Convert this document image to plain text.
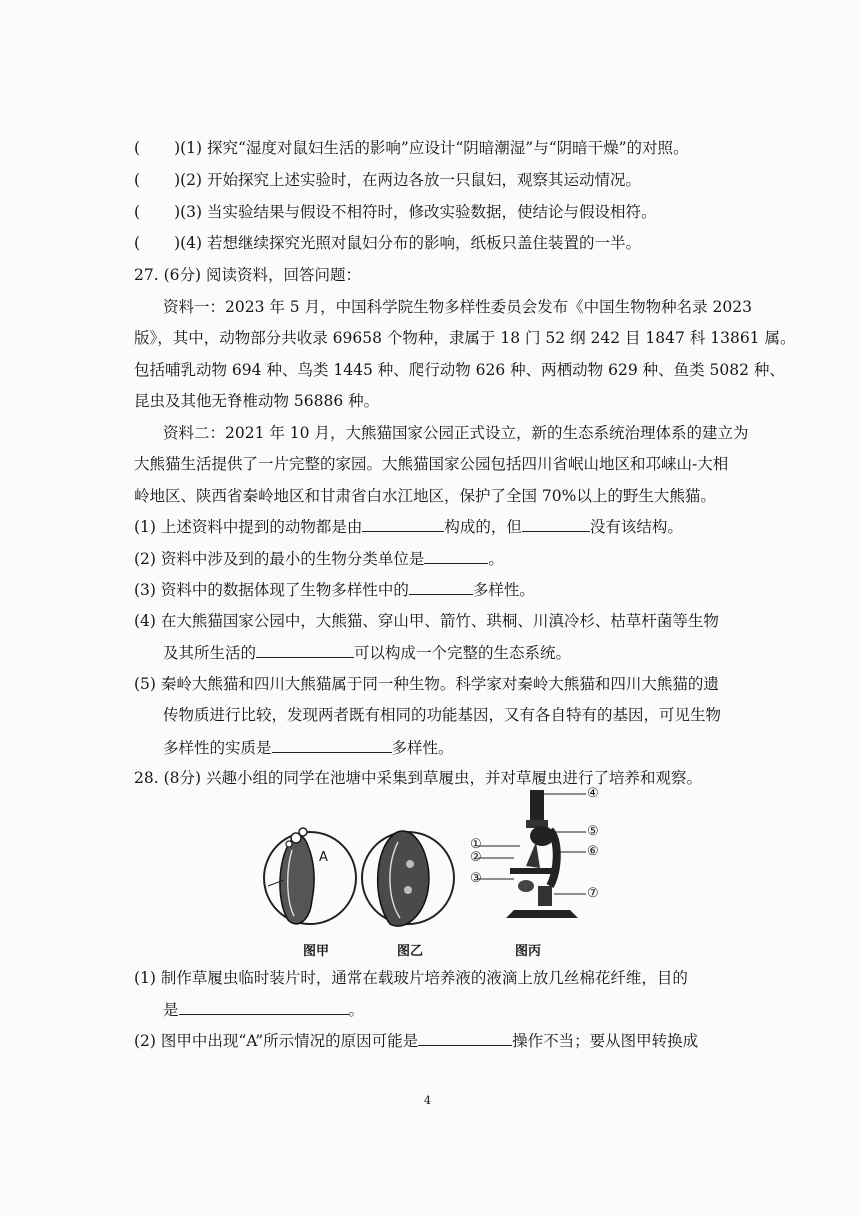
( )(1) 探究“湿度对鼠妇生活的影响”应设计“阴暗潮湿”与“阴暗干燥”的对照。
( )(2) 开始探究上述实验时，在两边各放一只鼠妇，观察其运动情况。
( )(3) 当实验结果与假设不相符时，修改实验数据，使结论与假设相符。
( )(4) 若想继续探究光照对鼠妇分布的影响，纸板只盖住装置的一半。
27. (6分) 阅读资料，回答问题：
资料一：2023 年 5 月，中国科学院生物多样性委员会发布《中国生物物种名录 2023
版》，其中，动物部分共收录 69658 个物种，隶属于 18 门 52 纲 242 目 1847 科 13861 属。
包括哺乳动物 694 种、鸟类 1445 种、爬行动物 626 种、两栖动物 629 种、鱼类 5082 种、
昆虫及其他无脊椎动物 56886 种。
资料二：2021 年 10 月，大熊猫国家公园正式设立，新的生态系统治理体系的建立为
大熊猫生活提供了一片完整的家园。大熊猫国家公园包括四川省岷山地区和邛崃山-大相
岭地区、陕西省秦岭地区和甘肃省白水江地区，保护了全国 70%以上的野生大熊猫。
(1) 上述资料中提到的动物都是由	构成的，但	没有该结构。
(2) 资料中涉及到的最小的生物分类单位是	。
(3) 资料中的数据体现了生物多样性中的	多样性。
(4) 在大熊猫国家公园中，大熊猫、穿山甲、箭竹、珙桐、川滇冷杉、枯草杆菌等生物
及其所生活的	可以构成一个完整的生态系统。
(5) 秦岭大熊猫和四川大熊猫属于同一种生物。科学家对秦岭大熊猫和四川大熊猫的遗
传物质进行比较，发现两者既有相同的功能基因，又有各自特有的基因，可见生物
多样性的实质是	多样性。
28. (8分) 兴趣小组的同学在池塘中采集到草履虫，并对草履虫进行了培养和观察。
A
①
②
③
④
⑤
⑥
⑦
图甲	图乙	图丙
(1) 制作草履虫临时装片时，通常在载玻片培养液的液滴上放几丝棉花纤维，目的
是	。
(2) 图甲中出现“A”所示情况的原因可能是	操作不当；要从图甲转换成
4
